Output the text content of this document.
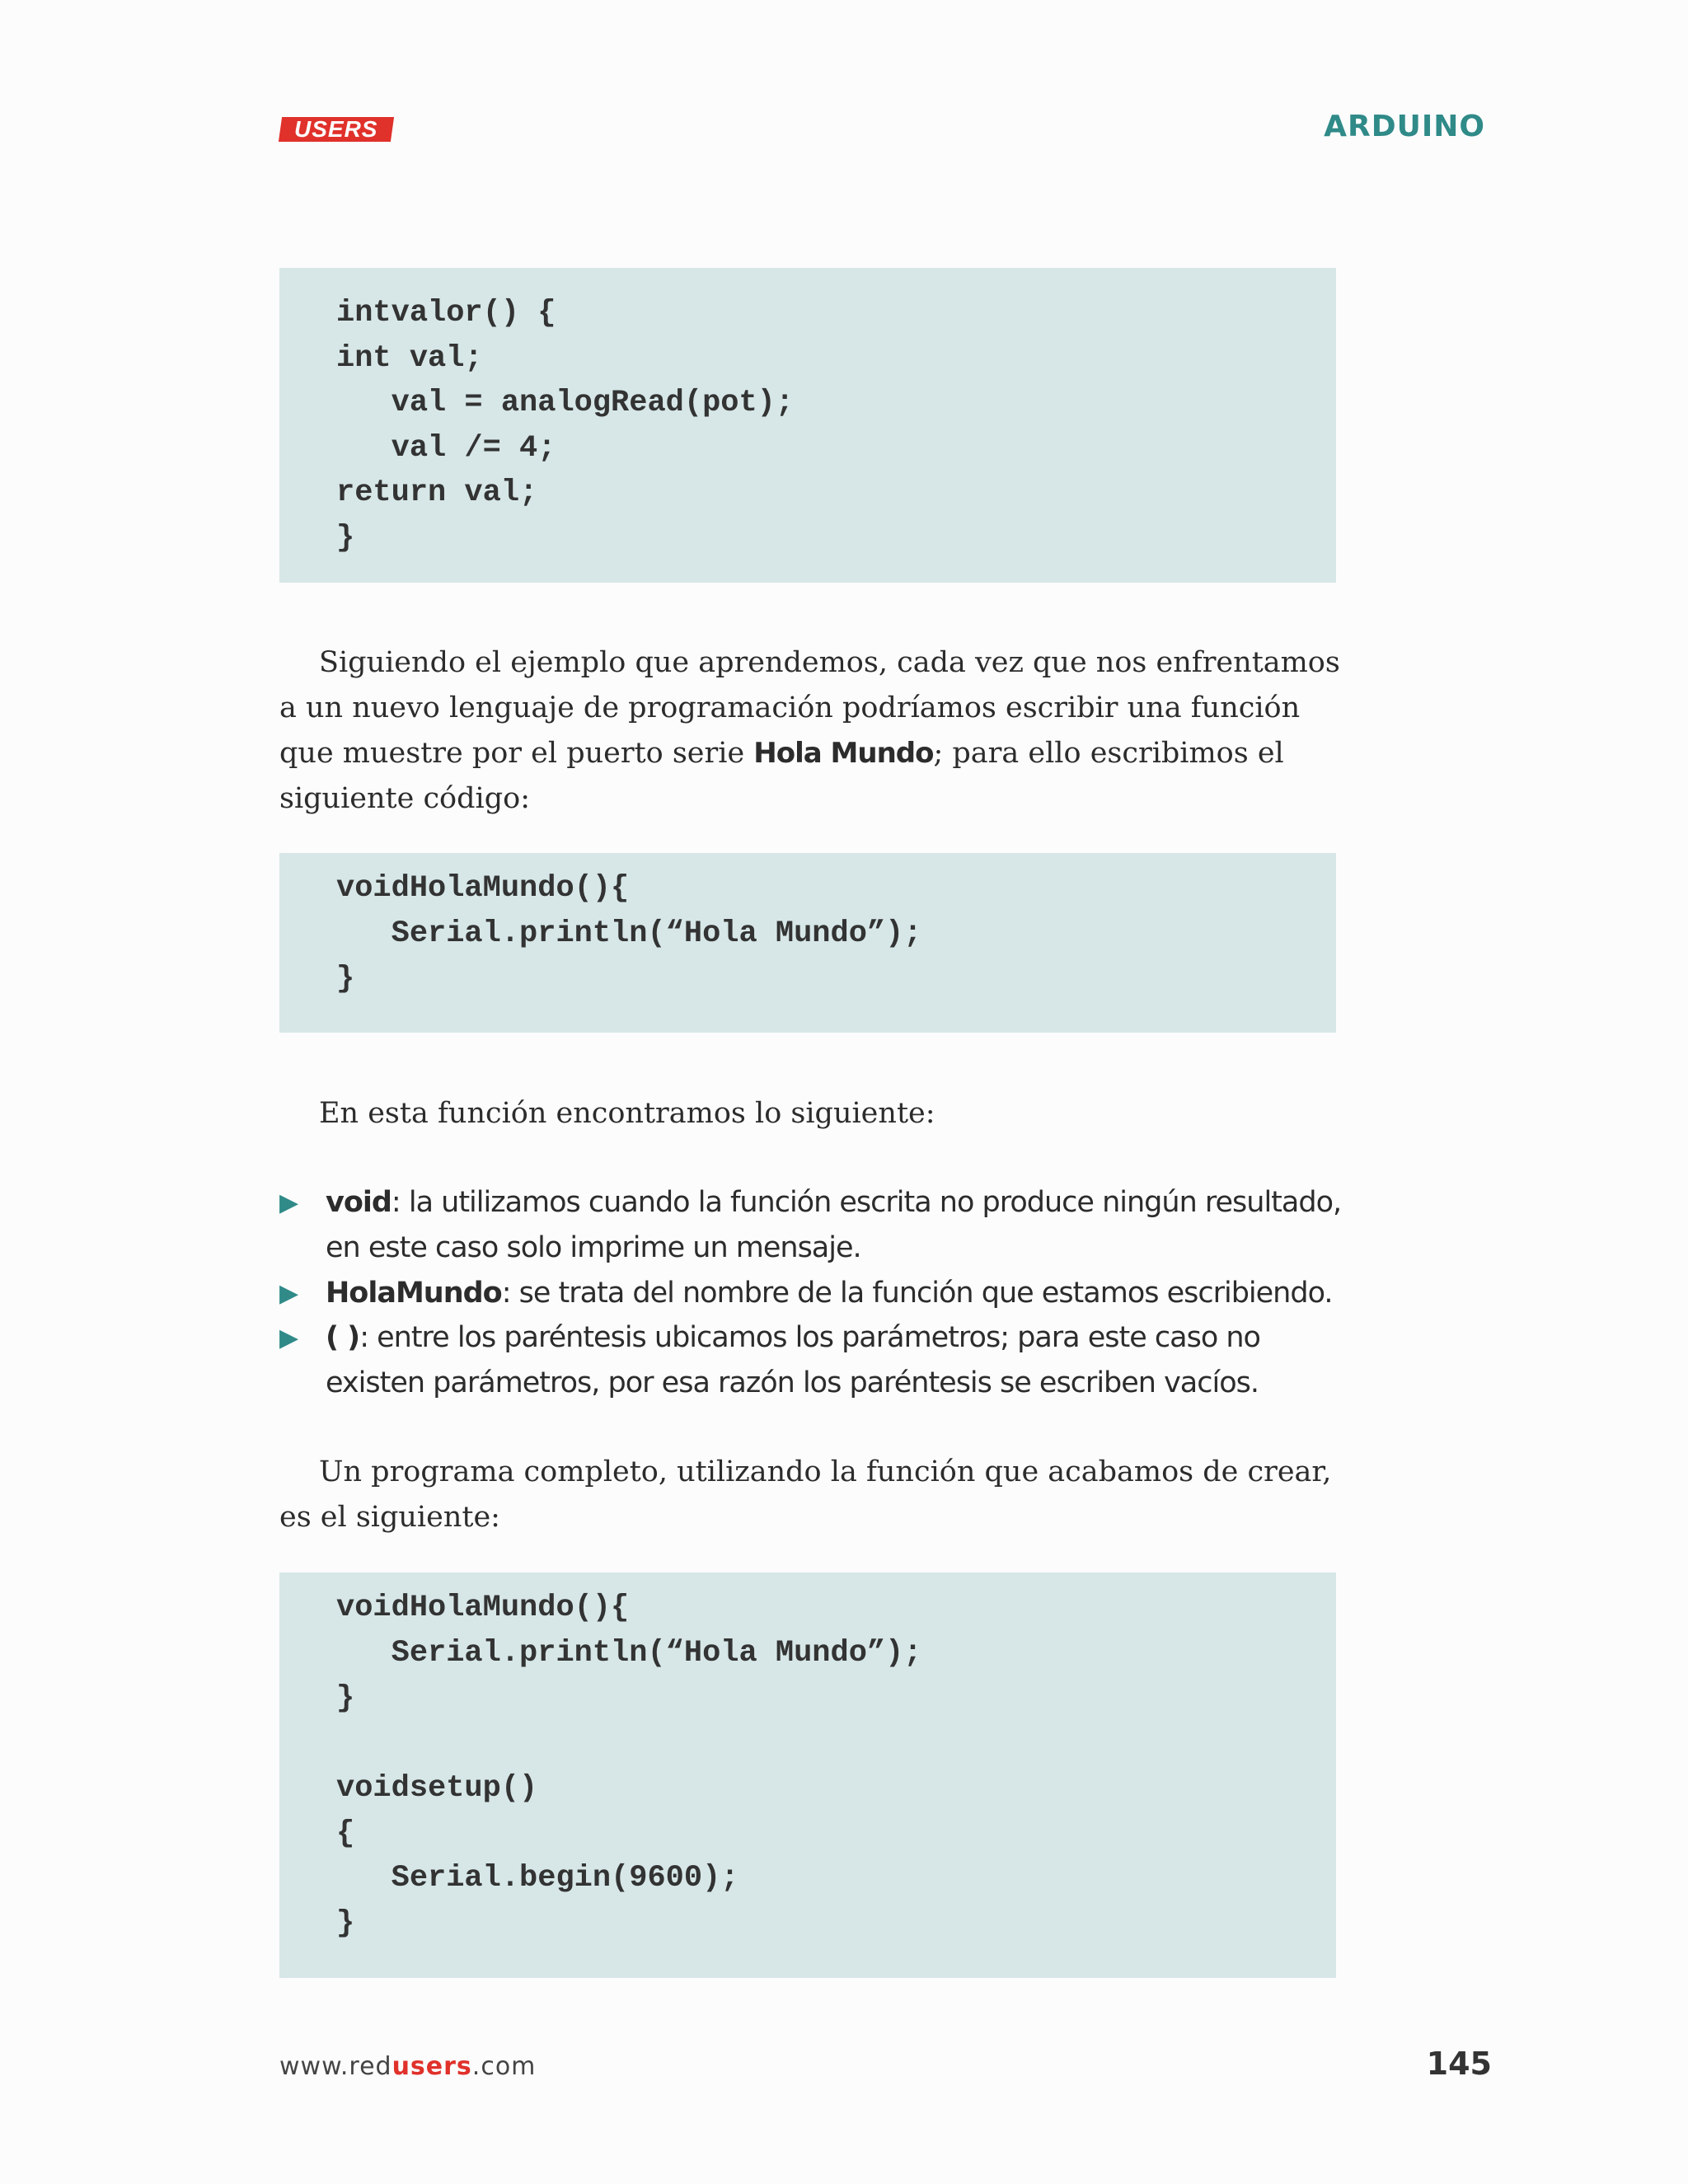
USERS	ARDUINO
intvalor() {
int val;
val = analogRead(pot);
val /= 4;
return val;
}

Siguiendo el ejemplo que aprendemos, cada vez que nos enfrentamos a un nuevo lenguaje de programación podríamos escribir una función que muestre por el puerto serie Hola Mundo; para ello escribimos el siguiente código:

voidHolaMundo(){
Serial.println(“Hola Mundo”);
}

En esta función encontramos lo siguiente:

▶ void: la utilizamos cuando la función escrita no produce ningún resultado, en este caso solo imprime un mensaje.
▶ HolaMundo: se trata del nombre de la función que estamos escribiendo.
▶ ( ): entre los paréntesis ubicamos los parámetros; para este caso no existen parámetros, por esa razón los paréntesis se escriben vacíos.

Un programa completo, utilizando la función que acabamos de crear, es el siguiente:

voidHolaMundo(){
Serial.println(“Hola Mundo”);
}
voidsetup()
{
Serial.begin(9600);
}
www.redusers.com	145
